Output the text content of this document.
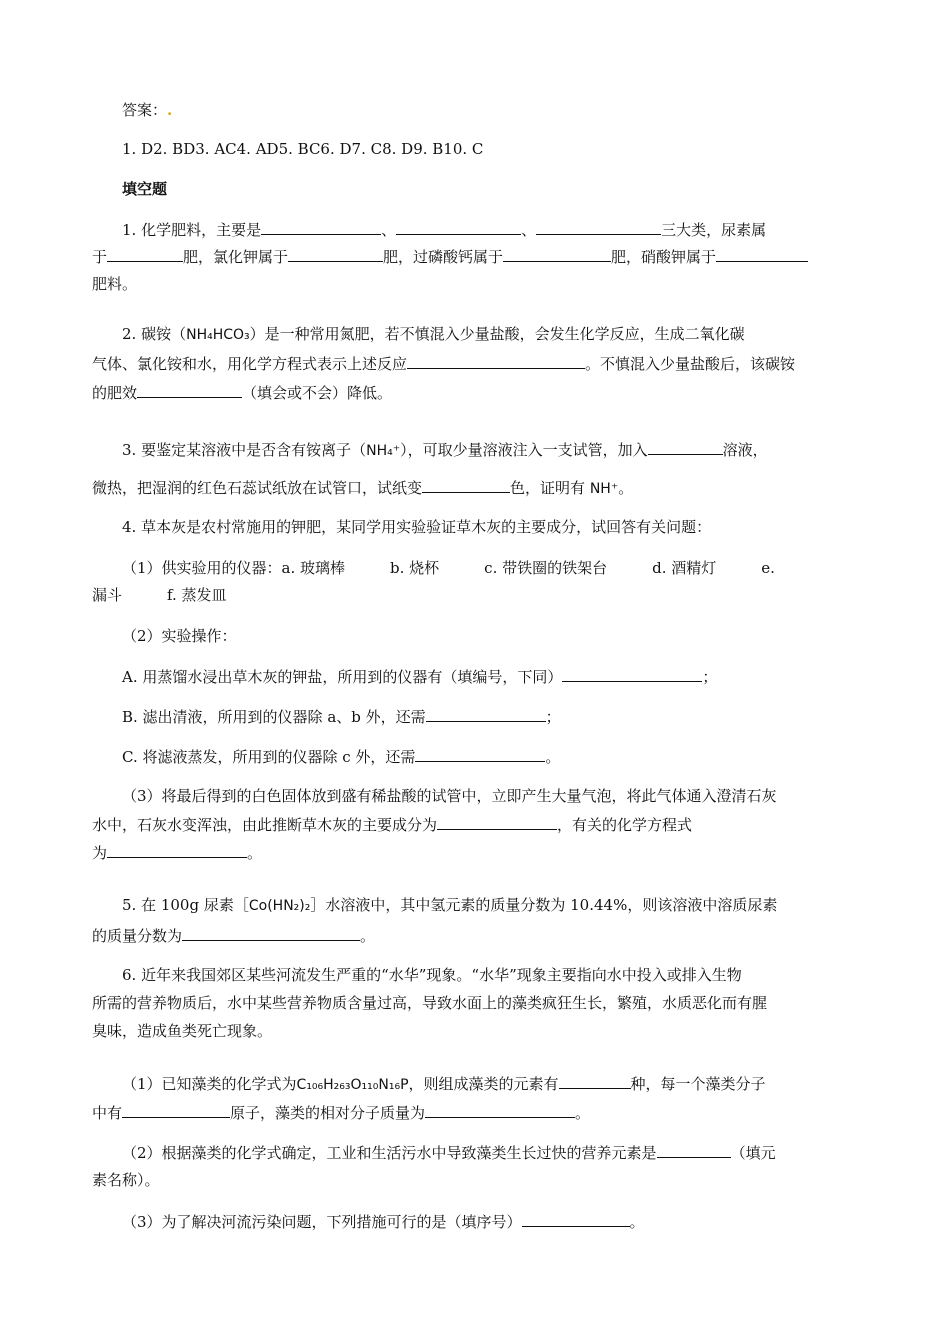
答案：.
1. D2. BD3. AC4. AD5. BC6. D7. C8. D9. B10. C
填空题
1. 化学肥料，主要是	、	、	三大类，尿素属
于	肥，氯化钾属于	肥，过磷酸钙属于	肥，硝酸钾属于
肥料。
2. 碳铵（NH₄HCO₃）是一种常用氮肥，若不慎混入少量盐酸，会发生化学反应，生成二氧化碳
气体、氯化铵和水，用化学方程式表示上述反应	。不慎混入少量盐酸后，该碳铵
的肥效	（填会或不会）降低。
3. 要鉴定某溶液中是否含有铵离子（NH₄⁺），可取少量溶液注入一支试管，加入	溶液，
微热，把湿润的红色石蕊试纸放在试管口，试纸变	色，证明有 NH⁺。
4. 草本灰是农村常施用的钾肥，某同学用实验验证草木灰的主要成分，试回答有关问题：
（1）供实验用的仪器：a. 玻璃棒　　　b. 烧杯　　　c. 带铁圈的铁架台　　　d. 酒精灯　　　e.
漏斗　　　f. 蒸发皿
（2）实验操作：
A. 用蒸馏水浸出草木灰的钾盐，所用到的仪器有（填编号，下同）	；
B. 滤出清液，所用到的仪器除 a、b 外，还需	；
C. 将滤液蒸发，所用到的仪器除 c 外，还需	。
（3）将最后得到的白色固体放到盛有稀盐酸的试管中，立即产生大量气泡，将此气体通入澄清石灰
水中，石灰水变浑浊，由此推断草木灰的主要成分为	，有关的化学方程式
为	。
5. 在 100g 尿素［Co(HN₂)₂］水溶液中，其中氢元素的质量分数为 10.44%，则该溶液中溶质尿素
的质量分数为	。
6. 近年来我国郊区某些河流发生严重的“水华”现象。“水华”现象主要指向水中投入或排入生物
所需的营养物质后，水中某些营养物质含量过高，导致水面上的藻类疯狂生长，繁殖，水质恶化而有腥
臭味，造成鱼类死亡现象。
（1）已知藻类的化学式为C₁₀₆H₂₆₃O₁₁₀N₁₆P，则组成藻类的元素有	种，每一个藻类分子
中有	原子，藻类的相对分子质量为	。
（2）根据藻类的化学式确定，工业和生活污水中导致藻类生长过快的营养元素是	（填元
素名称）。
（3）为了解决河流污染问题，下列措施可行的是（填序号）	。
